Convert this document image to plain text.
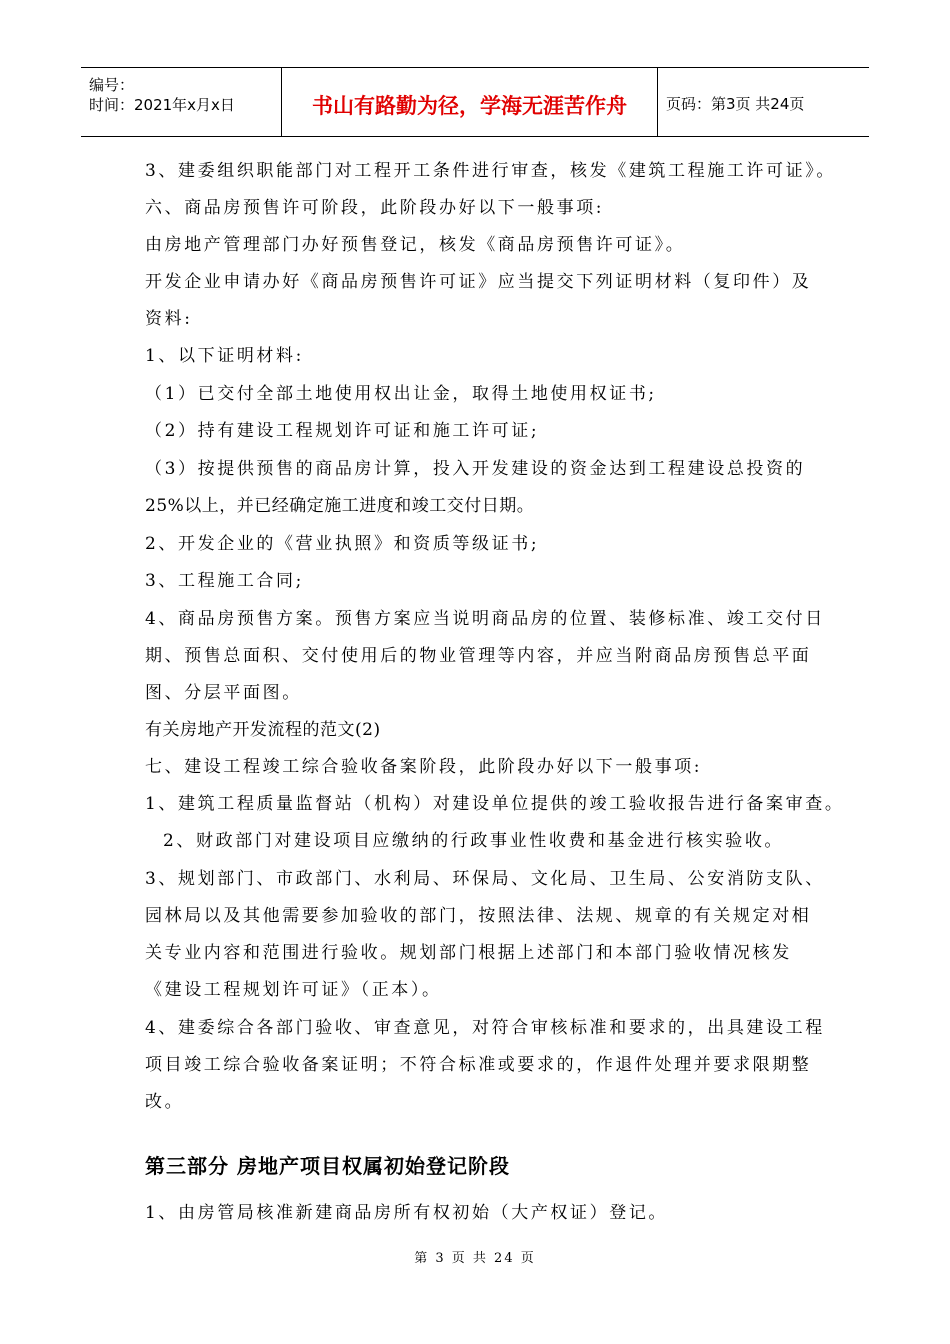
编号：
时间：2021年x月x日	书山有路勤为径，学海无涯苦作舟	页码：第3页 共24页
3、建委组织职能部门对工程开工条件进行审查，核发《建筑工程施工许可证》。
六、商品房预售许可阶段，此阶段办好以下一般事项:
由房地产管理部门办好预售登记，核发《商品房预售许可证》。
开发企业申请办好《商品房预售许可证》应当提交下列证明材料（复印件）及
资料:
1、以下证明材料:
（1）已交付全部土地使用权出让金，取得土地使用权证书;
（2）持有建设工程规划许可证和施工许可证;
（3）按提供预售的商品房计算，投入开发建设的资金达到工程建设总投资的
25%以上，并已经确定施工进度和竣工交付日期。
2、开发企业的《营业执照》和资质等级证书;
3、工程施工合同;
4、商品房预售方案。预售方案应当说明商品房的位置、装修标准、竣工交付日
期、预售总面积、交付使用后的物业管理等内容，并应当附商品房预售总平面
图、分层平面图。
有关房地产开发流程的范文(2)
七、建设工程竣工综合验收备案阶段，此阶段办好以下一般事项:
1、建筑工程质量监督站（机构）对建设单位提供的竣工验收报告进行备案审查。
2、财政部门对建设项目应缴纳的行政事业性收费和基金进行核实验收。
3、规划部门、市政部门、水利局、环保局、文化局、卫生局、公安消防支队、
园林局以及其他需要参加验收的部门，按照法律、法规、规章的有关规定对相
关专业内容和范围进行验收。规划部门根据上述部门和本部门验收情况核发
《建设工程规划许可证》（正本）。
4、建委综合各部门验收、审查意见，对符合审核标准和要求的，出具建设工程
项目竣工综合验收备案证明；不符合标准或要求的，作退件处理并要求限期整
改。
第三部分 房地产项目权属初始登记阶段
1、由房管局核准新建商品房所有权初始（大产权证）登记。
第 3 页 共 24 页
